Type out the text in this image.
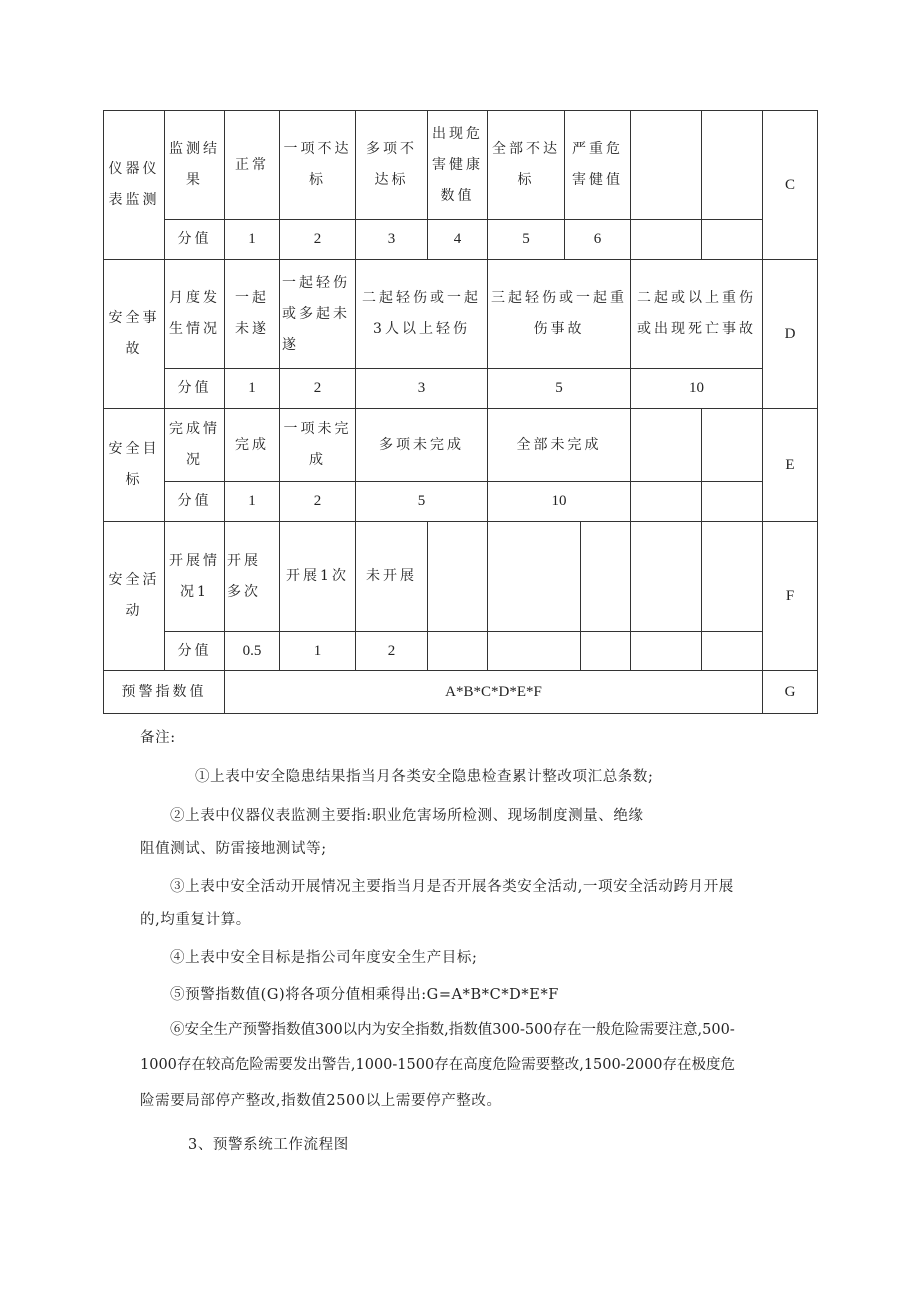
仪器仪表监测	监测结果	正常	一项不达标	多项不达标	出现危害健康数值	全部不达标	严重危害健值				C
	分值	1	2	3	4	5	6				
安全事故	月度发生情况	一起未遂	一起轻伤或多起未遂	二起轻伤或一起3人以上轻伤		三起轻伤或一起重伤事故			二起或以上重伤或出现死亡事故		D
	分值	1	2	3		5			10		
安全目标	完成情况	完成	一项未完成	多项未完成		全部未完成					E
	分值	1	2	5		10					
安全活动	开展情况1	开展多次	开展1次	未开展							F
	分值	0.5	1	2							
预警指数值		A*B*C*D*E*F									G
备注:
①上表中安全隐患结果指当月各类安全隐患检查累计整改项汇总条数;
②上表中仪器仪表监测主要指:职业危害场所检测、现场制度测量、绝缘
阻值测试、防雷接地测试等;
③上表中安全活动开展情况主要指当月是否开展各类安全活动,一项安全活动跨月开展
的,均重复计算。
④上表中安全目标是指公司年度安全生产目标;
⑤预警指数值(G)将各项分值相乘得出:G=A*B*C*D*E*F
⑥安全生产预警指数值300以内为安全指数,指数值300-500存在一般危险需要注意,500-
1000存在较高危险需要发出警告,1000-1500存在高度危险需要整改,1500-2000存在极度危
险需要局部停产整改,指数值2500以上需要停产整改。
3、预警系统工作流程图
